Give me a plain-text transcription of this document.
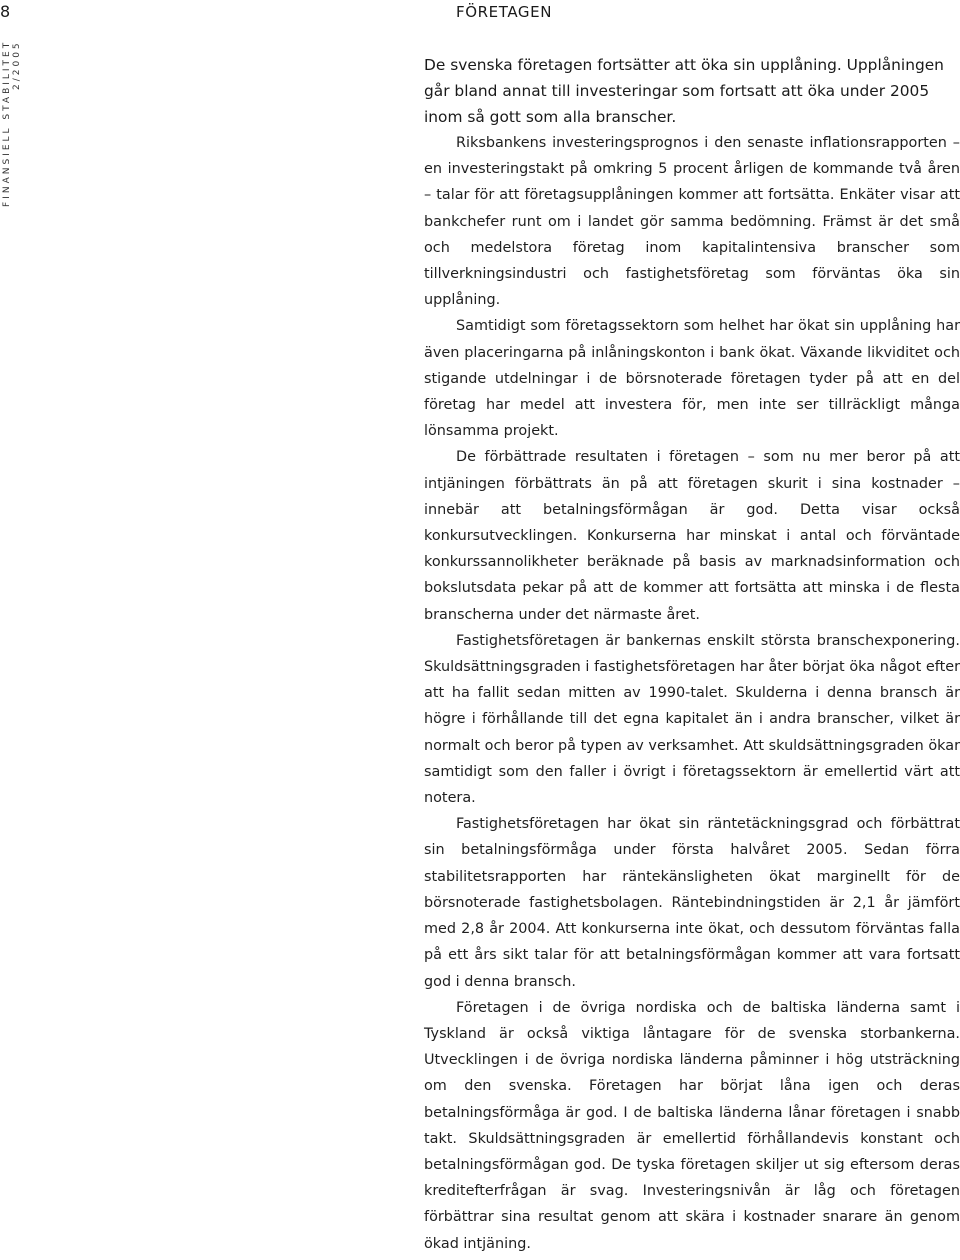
8	FÖRETAGEN
FINANSIELL STABILITET 2/2005	De svenska företagen fortsätter att öka sin upplåning. Upplåningen går bland annat till investeringar som fortsatt att öka under 2005 inom så gott som alla branscher.

Riksbankens investeringsprognos i den senaste inflationsrapporten – en investeringstakt på omkring 5 procent årligen de kommande två åren – talar för att företagsupplåningen kommer att fortsätta. Enkäter visar att bankchefer runt om i landet gör samma bedömning. Främst är det små och medelstora företag inom kapitalintensiva branscher som tillverkningsindustri och fastighetsföretag som förväntas öka sin upplåning.

Samtidigt som företagssektorn som helhet har ökat sin upplåning har även placeringarna på inlåningskonton i bank ökat. Växande likviditet och stigande utdelningar i de börsnoterade företagen tyder på att en del företag har medel att investera för, men inte ser tillräckligt många lönsamma projekt.

De förbättrade resultaten i företagen – som nu mer beror på att intjäningen förbättrats än på att företagen skurit i sina kostnader – innebär att betalningsförmågan är god. Detta visar också konkursutvecklingen. Konkurserna har minskat i antal och förväntade konkurssannolikheter beräknade på basis av marknadsinformation och bokslutsdata pekar på att de kommer att fortsätta att minska i de flesta branscherna under det närmaste året.

Fastighetsföretagen är bankernas enskilt största branschexponering. Skuldsättningsgraden i fastighetsföretagen har åter börjat öka något efter att ha fallit sedan mitten av 1990-talet. Skulderna i denna bransch är högre i förhållande till det egna kapitalet än i andra branscher, vilket är normalt och beror på typen av verksamhet. Att skuldsättningsgraden ökar samtidigt som den faller i övrigt i företagssektorn är emellertid värt att notera.

Fastighetsföretagen har ökat sin räntetäckningsgrad och förbättrat sin betalningsförmåga under första halvåret 2005. Sedan förra stabilitetsrapporten har räntekänsligheten ökat marginellt för de börsnoterade fastighetsbolagen. Räntebindningstiden är 2,1 år jämfört med 2,8 år 2004. Att konkurserna inte ökat, och dessutom förväntas falla på ett års sikt talar för att betalningsförmågan kommer att vara fortsatt god i denna bransch.

Företagen i de övriga nordiska och de baltiska länderna samt i Tyskland är också viktiga låntagare för de svenska storbankerna. Utvecklingen i de övriga nordiska länderna påminner i hög utsträckning om den svenska. Företagen har börjat låna igen och deras betalningsförmåga är god. I de baltiska länderna lånar företagen i snabb takt. Skuldsättningsgraden är emellertid förhållandevis konstant och betalningsförmågan god. De tyska företagen skiljer ut sig eftersom deras kreditefterfrågan är svag. Investeringsnivån är låg och företagen förbättrar sina resultat genom att skära i kostnader snarare än genom ökad intjäning.
